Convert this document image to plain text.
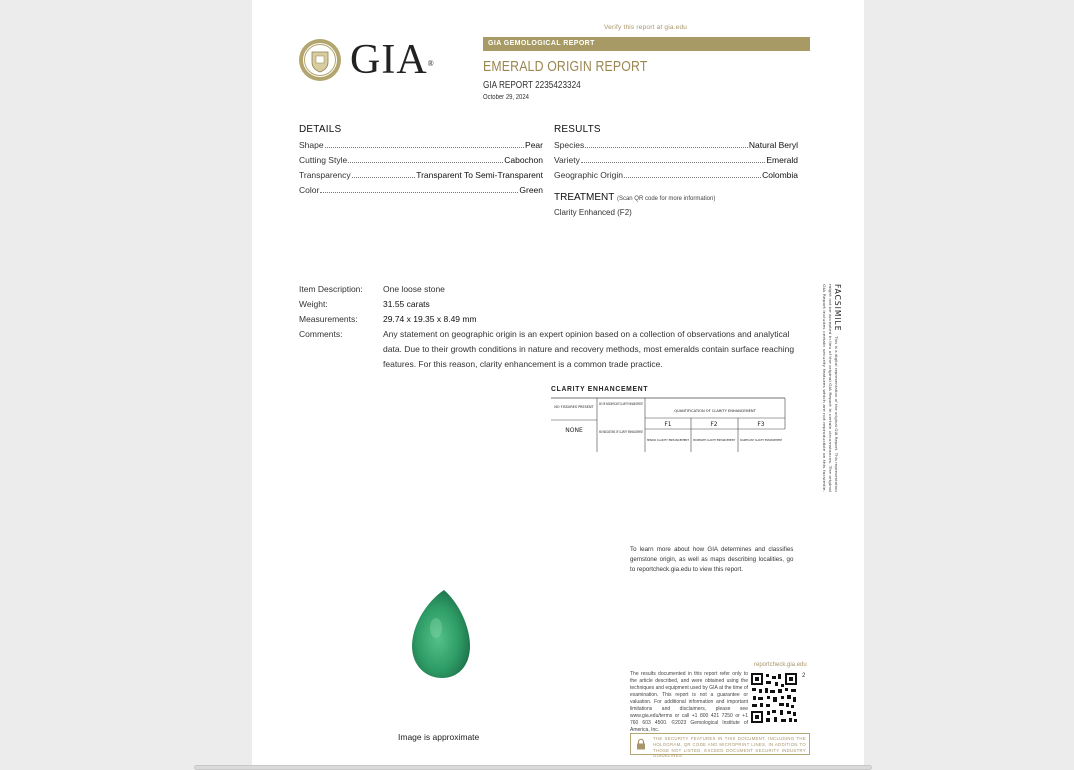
Verify this report at gia.edu
GIA®
GIA GEMOLOGICAL REPORT
EMERALD ORIGIN REPORT
GIA REPORT 2235423324
October 29, 2024
DETAILS
Shape	Pear
Cutting Style	Cabochon
Transparency	Transparent To Semi-Transparent
Color	Green
RESULTS
Species	Natural Beryl
Variety	Emerald
Geographic Origin	Colombia
TREATMENT (Scan QR code for more information)
Clarity Enhanced (F2)
Item Description:	One loose stone
Weight:	31.55 carats
Measurements:	29.74 x 19.35 x 8.49 mm
Comments:	Any statement on geographic origin is an expert opinion based on a collection of observations and analytical data. Due to their growth conditions in nature and recovery methods, most emeralds contain surface reaching features. For this reason, clarity enhancement is a common trade practice.
CLARITY ENHANCEMENT
NO FISSURES PRESENT
NO OR INSIGNIFICANT CLARITY ENHANCEMENT
QUANTIFICATION OF CLARITY ENHANCEMENT
NONE	NO INDICATIONS OF CLARITY ENHANCEMENT
F1	F2	F3
MINOR CLARITY ENHANCEMENT MODERATE CLARITY ENHANCEMENT SIGNIFICANT CLARITY ENHANCEMENT
FACSIMILE
This is a digital representation of the original GIA Report. This representation
might not be accepted in lieu of the original GIA Report in certain circumstances. The original
GIA Report includes certain security features which are not reproducible on this facsimile.
To learn more about how GIA determines and classifies gemstone origin, as well as maps describing localities, go to reportcheck.gia.edu to view this report.
Image is approximate
reportcheck.gia.edu
The results documented in this report refer only to the article described, and were obtained using the techniques and equipment used by GIA at the time of examination. This report is not a guarantee or valuation. For additional information and important limitations and disclaimers, please see www.gia.edu/terms or call +1 800 421 7250 or +1 760 603 4500. ©2023 Gemological Institute of America, Inc.
2
THE SECURITY FEATURES IN THIS DOCUMENT, INCLUDING THE HOLOGRAM, QR CODE AND MICROPRINT LINES, IN ADDITION TO THOSE NOT LISTED, EXCEED DOCUMENT SECURITY INDUSTRY GUIDELINES.
